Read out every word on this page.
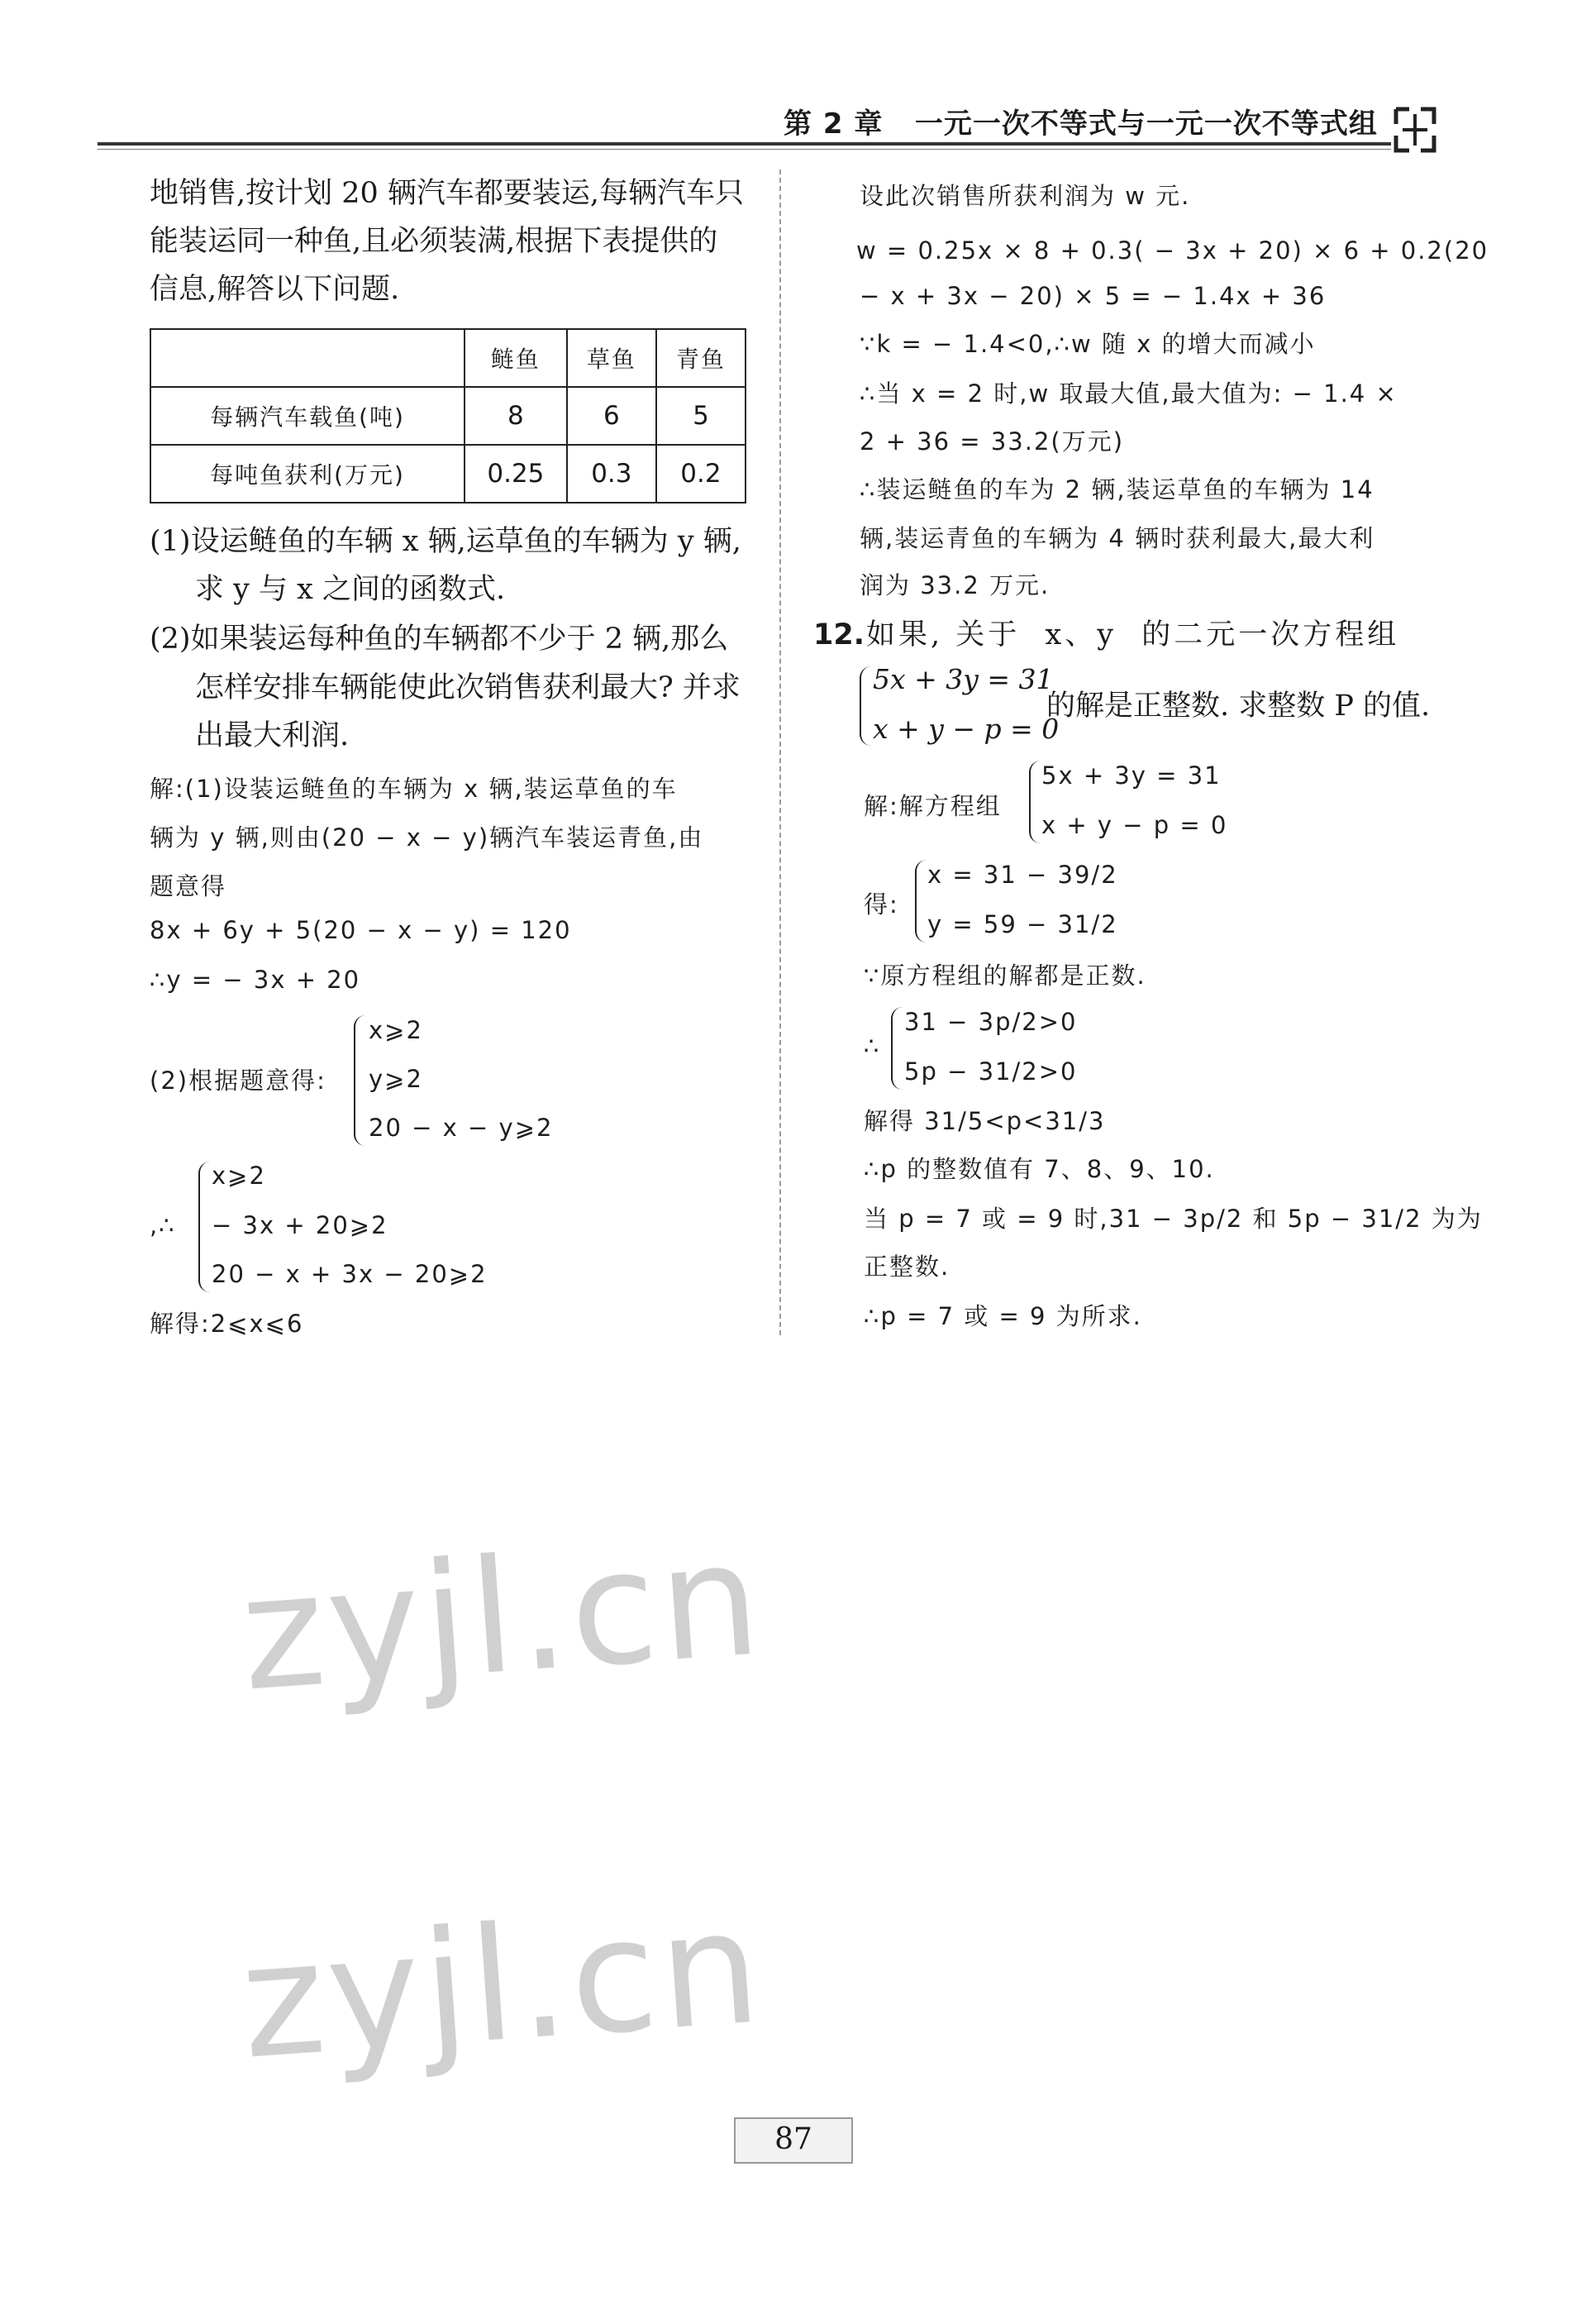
第 2 章   一元一次不等式与一元一次不等式组
地销售,按计划 20 辆汽车都要装运,每辆汽车只
能装运同一种鱼,且必须装满,根据下表提供的
信息,解答以下问题.
	鲢鱼	草鱼	青鱼
每辆汽车载鱼(吨)	8	6	5
每吨鱼获利(万元)	0.25	0.3	0.2
(1)设运鲢鱼的车辆 x 辆,运草鱼的车辆为 y 辆,
求 y 与 x 之间的函数式.
(2)如果装运每种鱼的车辆都不少于 2 辆,那么
怎样安排车辆能使此次销售获利最大? 并求
出最大利润.
解:(1)设装运鲢鱼的车辆为 x 辆,装运草鱼的车
辆为 y 辆,则由(20 − x − y)辆汽车装运青鱼,由
题意得
8x + 6y + 5(20 − x − y) = 120
∴y = − 3x + 20
(2)根据题意得:
x⩾2
y⩾2
20 − x − y⩾2
,∴
x⩾2
− 3x + 20⩾2
20 − x + 3x − 20⩾2
解得:2⩽x⩽6
设此次销售所获利润为 w 元.
w = 0.25x × 8 + 0.3( − 3x + 20) × 6 + 0.2(20
− x + 3x − 20) × 5 = − 1.4x + 36
∵k = − 1.4<0,∴w 随 x 的增大而减小
∴当 x = 2 时,w 取最大值,最大值为: − 1.4 ×
2 + 36 = 33.2(万元)
∴装运鲢鱼的车为 2 辆,装运草鱼的车辆为 14
辆,装运青鱼的车辆为 4 辆时获利最大,最大利
润为 33.2 万元.
12. 如果, 关于  x、y  的二元一次方程组
5x + 3y = 31
x + y − p = 0
的解是正整数. 求整数 P 的值.
解:解方程组
5x + 3y = 31
x + y − p = 0
得:
x = 31 − 39/2
y = 59 − 31/2
∵原方程组的解都是正数.
∴
31 − 3p/2>0
5p − 31/2>0
解得 31/5<p<31/3
∴p 的整数值有 7、8、9、10.
当 p = 7 或 = 9 时,31 − 3p/2 和 5p − 31/2 为为
正整数.
∴p = 7 或 = 9 为所求.
zyjl.cn
zyjl.cn
87
